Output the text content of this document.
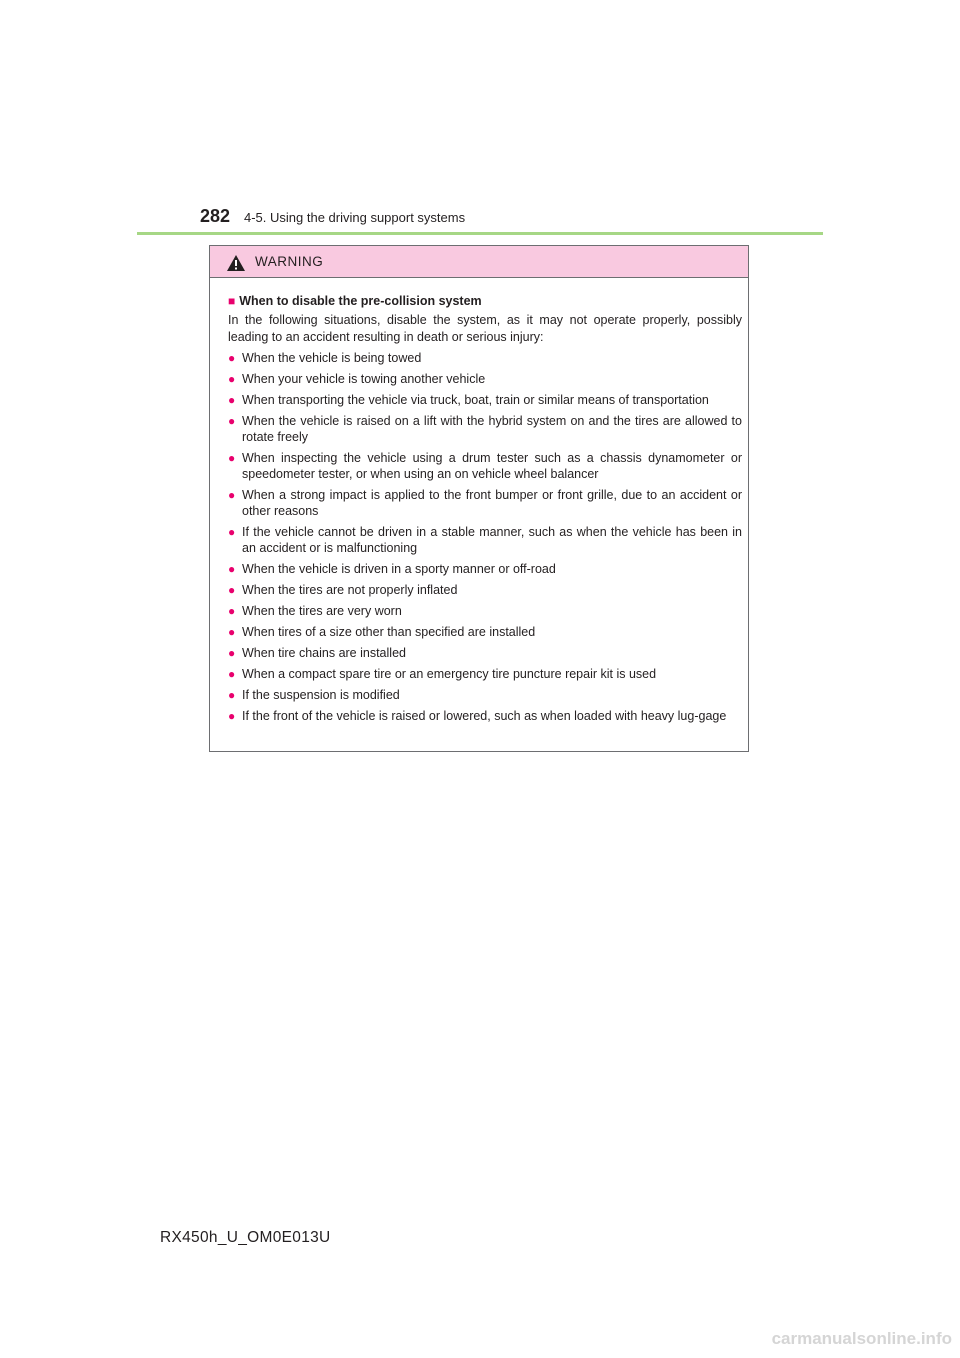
282 4-5. Using the driving support systems
WARNING
■ When to disable the pre-collision system
In the following situations, disable the system, as it may not operate properly, possibly leading to an accident resulting in death or serious injury:
● When the vehicle is being towed
● When your vehicle is towing another vehicle
● When transporting the vehicle via truck, boat, train or similar means of transportation
● When the vehicle is raised on a lift with the hybrid system on and the tires are allowed to rotate freely
● When inspecting the vehicle using a drum tester such as a chassis dynamometer or speedometer tester, or when using an on vehicle wheel balancer
● When a strong impact is applied to the front bumper or front grille, due to an accident or other reasons
● If the vehicle cannot be driven in a stable manner, such as when the vehicle has been in an accident or is malfunctioning
● When the vehicle is driven in a sporty manner or off-road
● When the tires are not properly inflated
● When the tires are very worn
● When tires of a size other than specified are installed
● When tire chains are installed
● When a compact spare tire or an emergency tire puncture repair kit is used
● If the suspension is modified
● If the front of the vehicle is raised or lowered, such as when loaded with heavy lug-gage
RX450h_U_OM0E013U
carmanualsonline.info
